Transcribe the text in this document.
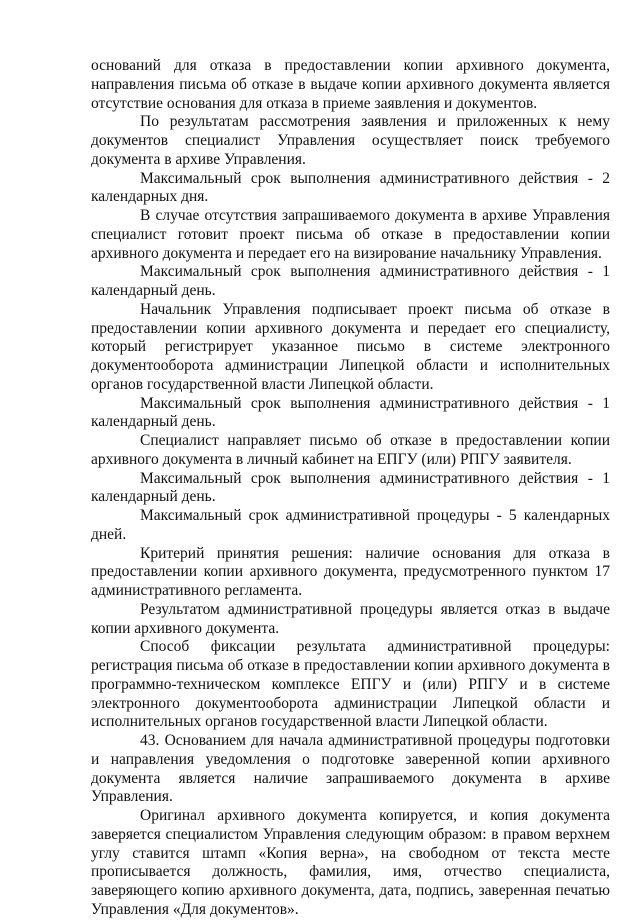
оснований для отказа в предоставлении копии архивного документа, направления письма об отказе в выдаче копии архивного документа является отсутствие основания для отказа в приеме заявления и документов.

По результатам рассмотрения заявления и приложенных к нему документов специалист Управления осуществляет поиск требуемого документа в архиве Управления.

Максимальный срок выполнения административного действия - 2 календарных дня.

В случае отсутствия запрашиваемого документа в архиве Управления специалист готовит проект письма об отказе в предоставлении копии архивного документа и передает его на визирование начальнику Управления.

Максимальный срок выполнения административного действия - 1 календарный день.

Начальник Управления подписывает проект письма об отказе в предоставлении копии архивного документа и передает его специалисту, который регистрирует указанное письмо в системе электронного документооборота администрации Липецкой области и исполнительных органов государственной власти Липецкой области.

Максимальный срок выполнения административного действия - 1 календарный день.

Специалист направляет письмо об отказе в предоставлении копии архивного документа в личный кабинет на ЕПГУ (или) РПГУ заявителя.

Максимальный срок выполнения административного действия - 1 календарный день.

Максимальный срок административной процедуры - 5 календарных дней.

Критерий принятия решения: наличие основания для отказа в предоставлении копии архивного документа, предусмотренного пунктом 17 административного регламента.

Результатом административной процедуры является отказ в выдаче копии архивного документа.

Способ фиксации результата административной процедуры: регистрация письма об отказе в предоставлении копии архивного документа в программно-техническом комплексе ЕПГУ и (или) РПГУ и в системе электронного документооборота администрации Липецкой области и исполнительных органов государственной власти Липецкой области.

43. Основанием для начала административной процедуры подготовки и направления уведомления о подготовке заверенной копии архивного документа является наличие запрашиваемого документа в архиве Управления.

Оригинал архивного документа копируется, и копия документа заверяется специалистом Управления следующим образом: в правом верхнем углу ставится штамп «Копия верна», на свободном от текста месте прописывается должность, фамилия, имя, отчество специалиста, заверяющего копию архивного документа, дата, подпись, заверенная печатью Управления «Для документов».
